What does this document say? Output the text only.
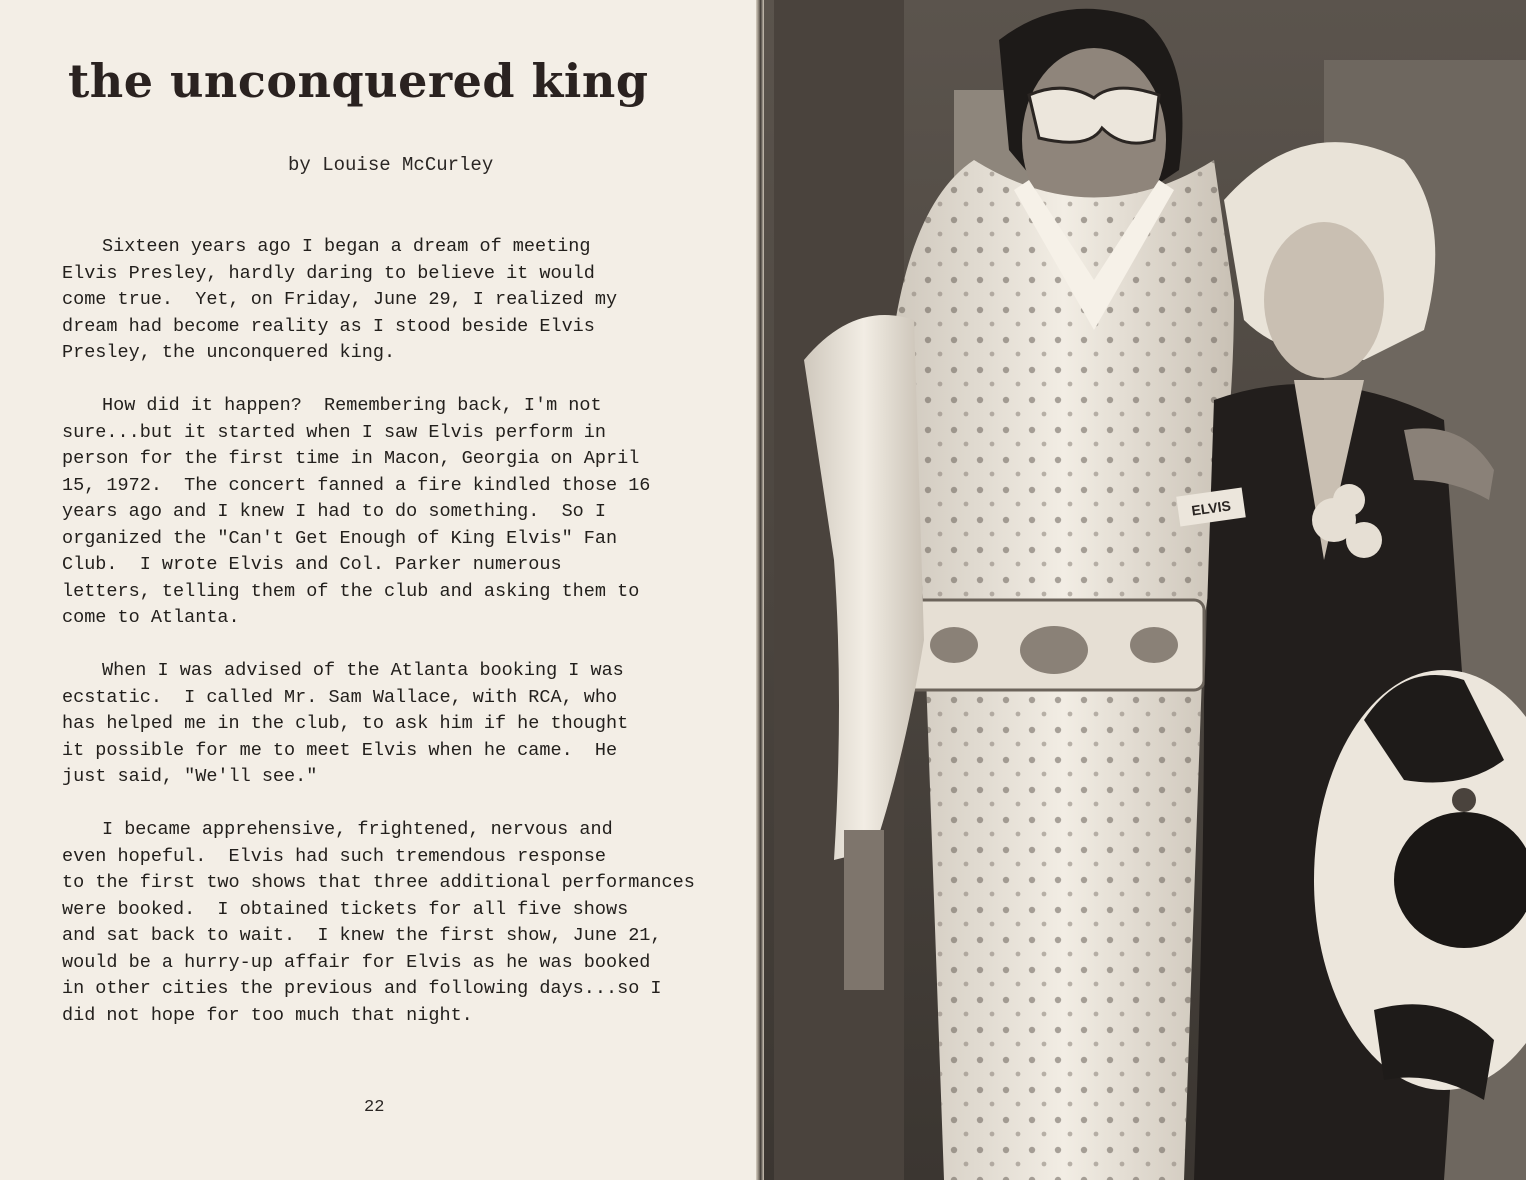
the unconquered king
by Louise McCurley
Sixteen years ago I began a dream of meeting
Elvis Presley, hardly daring to believe it would
come true.  Yet, on Friday, June 29, I realized my
dream had become reality as I stood beside Elvis
Presley, the unconquered king.
How did it happen?  Remembering back, I'm not
sure...but it started when I saw Elvis perform in
person for the first time in Macon, Georgia on April
15, 1972.  The concert fanned a fire kindled those 16
years ago and I knew I had to do something.  So I
organized the "Can't Get Enough of King Elvis" Fan
Club.  I wrote Elvis and Col. Parker numerous
letters, telling them of the club and asking them to
come to Atlanta.
When I was advised of the Atlanta booking I was
ecstatic.  I called Mr. Sam Wallace, with RCA, who
has helped me in the club, to ask him if he thought
it possible for me to meet Elvis when he came.  He
just said, "We'll see."
I became apprehensive, frightened, nervous and
even hopeful.  Elvis had such tremendous response
to the first two shows that three additional performances
were booked.  I obtained tickets for all five shows
and sat back to wait.  I knew the first show, June 21,
would be a hurry-up affair for Elvis as he was booked
in other cities the previous and following days...so I
did not hope for too much that night.
22
ELVIS
